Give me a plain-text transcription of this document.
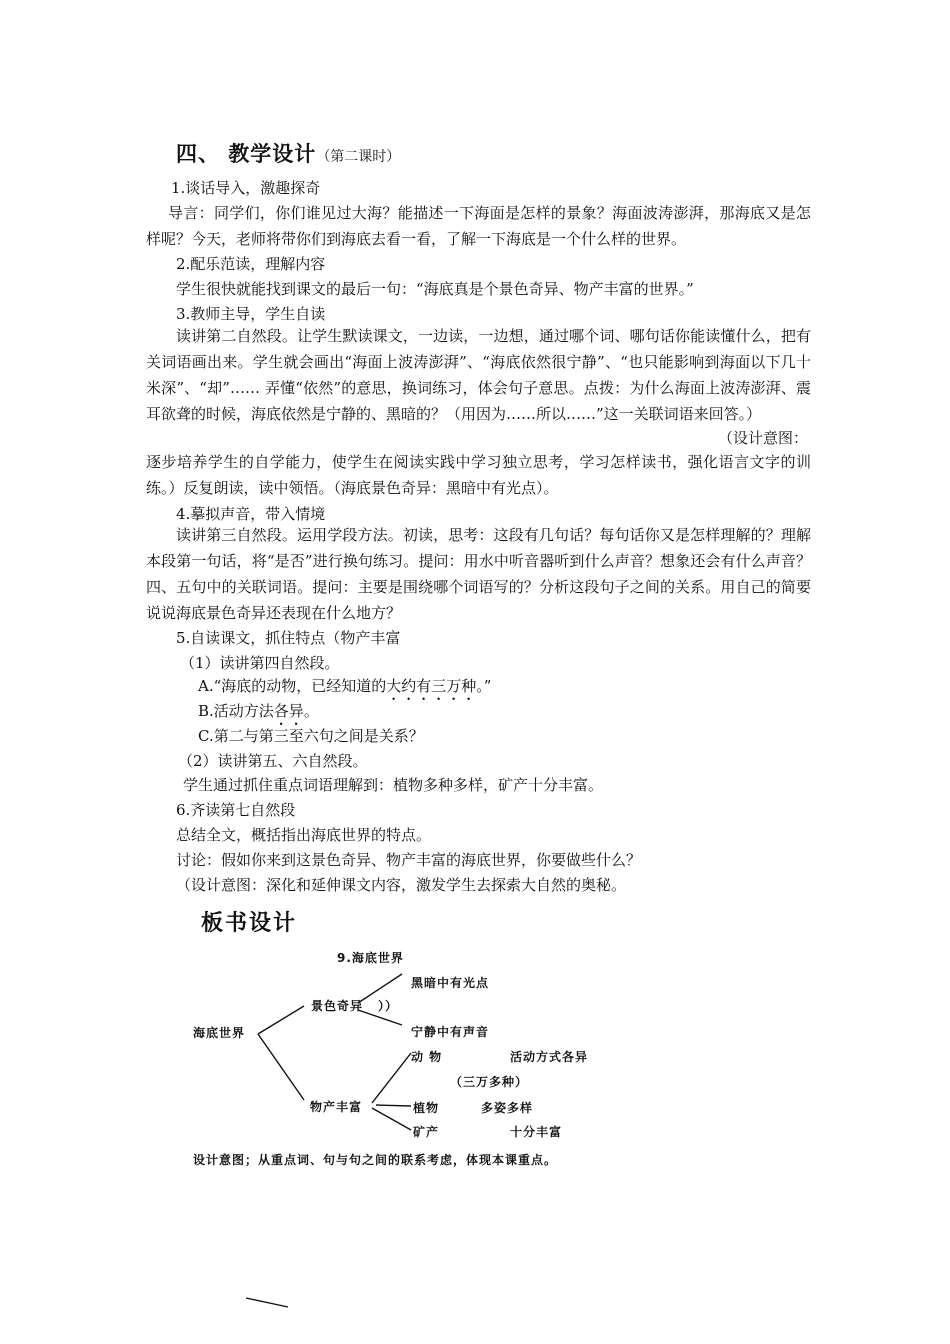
四、 教学设计（第二课时）
1.谈话导入，激趣探奇
导言：同学们，你们谁见过大海？能描述一下海面是怎样的景象？海面波涛澎湃，那海底又是怎样呢？今天，老师将带你们到海底去看一看，了解一下海底是一个什么样的世界。
2.配乐范读，理解内容
学生很快就能找到课文的最后一句：“海底真是个景色奇异、物产丰富的世界。”
3.教师主导，学生自读
读讲第二自然段。让学生默读课文，一边读，一边想，通过哪个词、哪句话你能读懂什么，把有关词语画出来。学生就会画出“海面上波涛澎湃”、“海底依然很宁静”、“也只能影响到海面以下几十米深”、“却”…… 弄懂“依然”的意思，换词练习，体会句子意思。点拨：为什么海面上波涛澎湃、震耳欲聋的时候，海底依然是宁静的、黑暗的？（用因为……所以……”这一关联词语来回答。）
（设计意图：
逐步培养学生的自学能力，使学生在阅读实践中学习独立思考，学习怎样读书，强化语言文字的训练。）反复朗读，读中领悟。（海底景色奇异：黑暗中有光点）。
4.摹拟声音，带入情境
读讲第三自然段。运用学段方法。初读，思考：这段有几句话？每句话你又是怎样理解的？理解本段第一句话，将“是否”进行换句练习。提问：用水中听音器听到什么声音？想象还会有什么声音？四、五句中的关联词语。提问：主要是围绕哪个词语写的？分析这段句子之间的关系。用自己的简要说说海底景色奇异还表现在什么地方？
5.自读课文，抓住特点（物产丰富
（1）读讲第四自然段。
A.“海底的动物，已经知道的大约有三万种。”
B.活动方法各异。
C.第二与第三至六句之间是关系？
（2）读讲第五、六自然段。
学生通过抓住重点词语理解到：植物多种多样，矿产十分丰富。
6.齐读第七自然段
总结全文，概括指出海底世界的特点。
讨论：假如你来到这景色奇异、物产丰富的海底世界，你要做些什么？
（设计意图：深化和延伸课文内容，激发学生去探索大自然的奥秘。
板书设计
9.海底世界
海底世界
景色奇异 ））
黑暗中有光点
宁静中有声音
物产丰富
动 物	活动方式各异
（三万多种）
植物	多姿多样
矿产	十分丰富
设计意图；从重点词、句与句之间的联系考虑，体现本课重点。
